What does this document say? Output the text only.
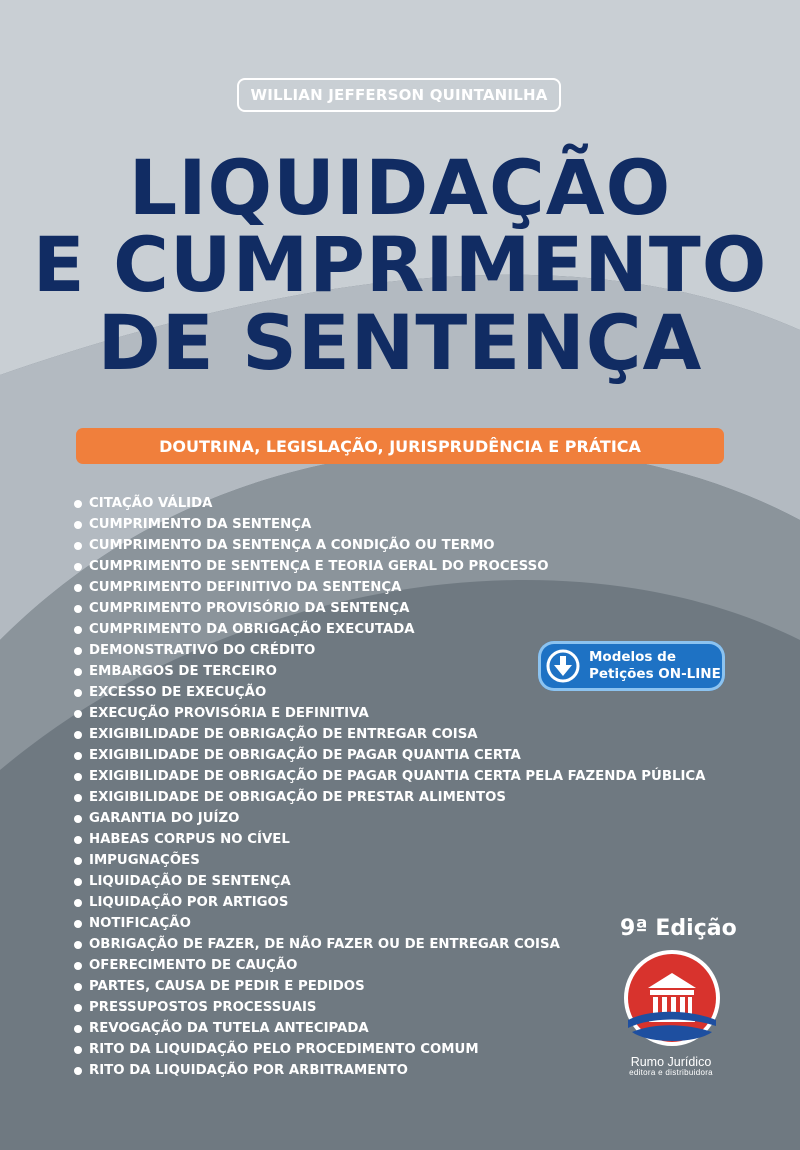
WILLIAN JEFFERSON QUINTANILHA
LIQUIDAÇÃO
E CUMPRIMENTO
DE SENTENÇA
DOUTRINA, LEGISLAÇÃO, JURISPRUDÊNCIA E PRÁTICA
CITAÇÃO VÁLIDA
CUMPRIMENTO DA SENTENÇA
CUMPRIMENTO DA SENTENÇA A CONDIÇÃO OU TERMO
CUMPRIMENTO DE SENTENÇA E TEORIA GERAL DO PROCESSO
CUMPRIMENTO DEFINITIVO DA SENTENÇA
CUMPRIMENTO PROVISÓRIO DA SENTENÇA
CUMPRIMENTO DA OBRIGAÇÃO EXECUTADA
DEMONSTRATIVO DO CRÉDITO
EMBARGOS DE TERCEIRO
EXCESSO DE EXECUÇÃO
EXECUÇÃO PROVISÓRIA E DEFINITIVA
EXIGIBILIDADE DE OBRIGAÇÃO DE ENTREGAR COISA
EXIGIBILIDADE DE OBRIGAÇÃO DE PAGAR QUANTIA CERTA
EXIGIBILIDADE DE OBRIGAÇÃO DE PAGAR QUANTIA CERTA PELA FAZENDA PÚBLICA
EXIGIBILIDADE DE OBRIGAÇÃO DE PRESTAR ALIMENTOS
GARANTIA DO JUÍZO
HABEAS CORPUS NO CÍVEL
IMPUGNAÇÕES
LIQUIDAÇÃO DE SENTENÇA
LIQUIDAÇÃO POR ARTIGOS
NOTIFICAÇÃO
OBRIGAÇÃO DE FAZER, DE NÃO FAZER OU DE ENTREGAR COISA
OFERECIMENTO DE CAUÇÃO
PARTES, CAUSA DE PEDIR E PEDIDOS
PRESSUPOSTOS PROCESSUAIS
REVOGAÇÃO DA TUTELA ANTECIPADA
RITO DA LIQUIDAÇÃO PELO PROCEDIMENTO COMUM
RITO DA LIQUIDAÇÃO POR ARBITRAMENTO
Modelos de
Petições ON-LINE
9ª Edição
Rumo Jurídico
editora e distribuidora
